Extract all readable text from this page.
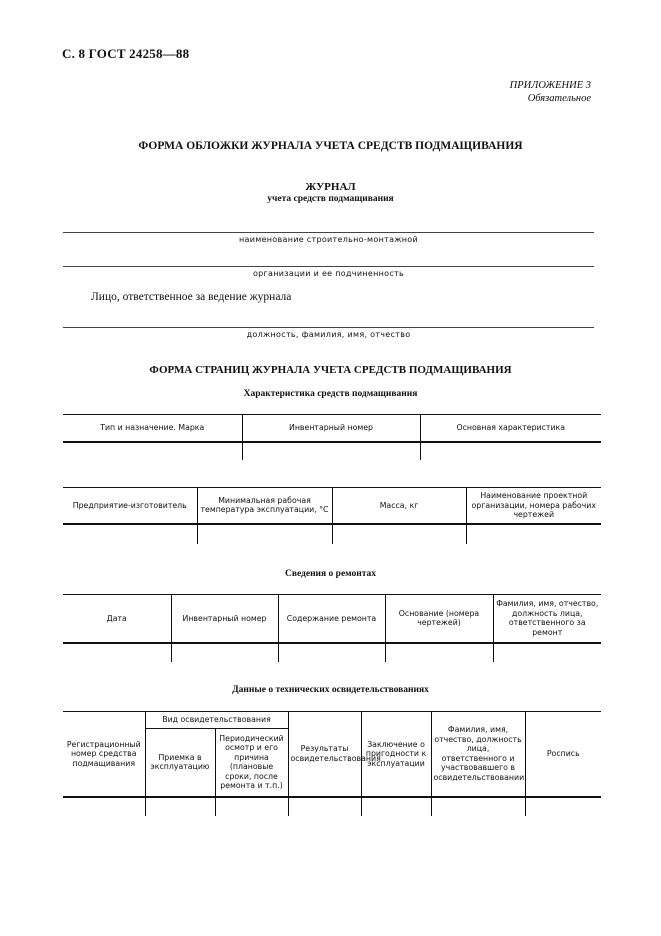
С. 8 ГОСТ 24258—88
ПРИЛОЖЕНИЕ 3
Обязательное
ФОРМА ОБЛОЖКИ ЖУРНАЛА УЧЕТА СРЕДСТВ ПОДМАЩИВАНИЯ
ЖУРНАЛ
учета средств подмащивания
наименование строительно-монтажной
организации и ее подчиненность
Лицо, ответственное за ведение журнала
должность, фамилия, имя, отчество
ФОРМА СТРАНИЦ ЖУРНАЛА УЧЕТА СРЕДСТВ ПОДМАЩИВАНИЯ
Характеристика средств подмащивания
Тип и назначение. Марка	Инвентарный номер	Основная характеристика

Предприятие-изготовитель	Минимальная рабочая температура эксплуатации, °С	Масса, кг	Наименование проектной организации, номера рабочих чертежей

Сведения о ремонтах
Дата	Инвентарный номер	Содержание ремонта	Основание (номера чертежей)	Фамилия, имя, отчество, должность лица, ответственного за ремонт

Данные о технических освидетельствованиях
Регистрационный номер средства подмащивания	Вид освидетельствования		Результаты освидетельствования	Заключение о пригодности к эксплуатации	Фамилия, имя, отчество, должность лица, ответственного и участвовавшего в освидетельствовании	Роспись
	Приемка в эксплуатацию	Периодический осмотр и его причина (плановые сроки, после ремонта и т.п.)				
